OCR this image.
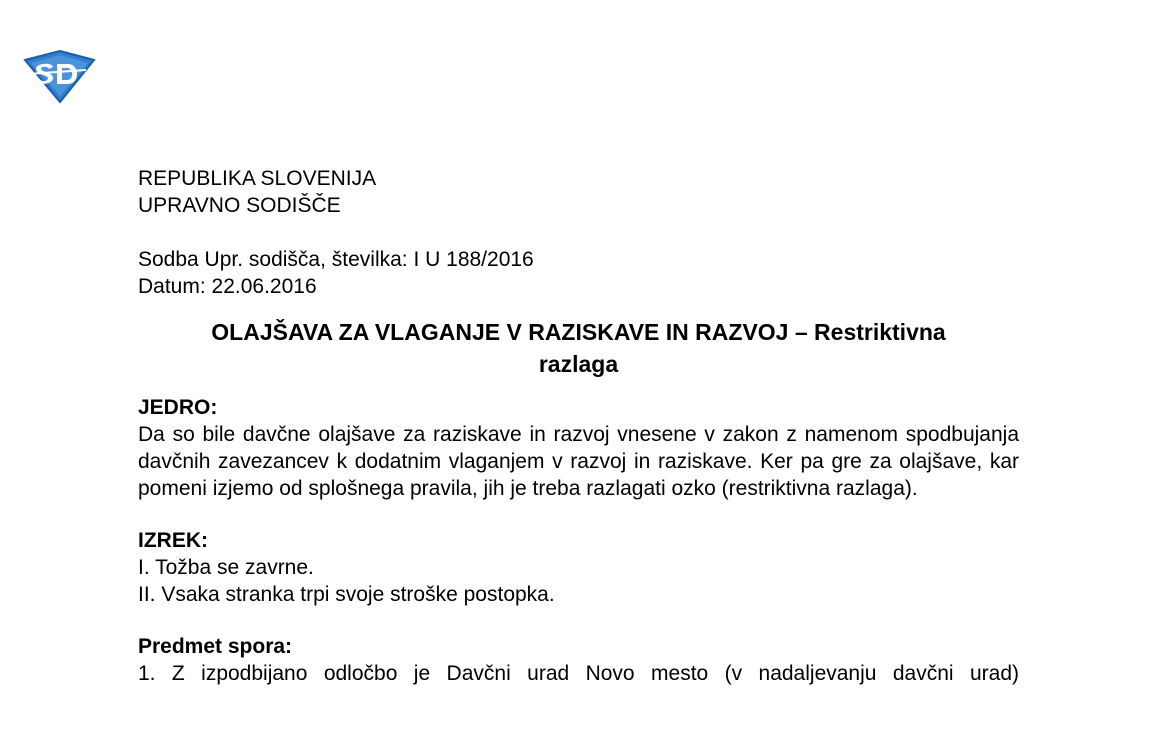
REPUBLIKA SLOVENIJA
UPRAVNO SODIŠČE
Sodba Upr. sodišča, številka: I U 188/2016
Datum: 22.06.2016
OLAJŠAVA ZA VLAGANJE V RAZISKAVE IN RAZVOJ – Restriktivna
razlaga
JEDRO:
Da so bile davčne olajšave za raziskave in razvoj vnesene v zakon z namenom spodbujanja davčnih zavezancev k dodatnim vlaganjem v razvoj in raziskave. Ker pa gre za olajšave, kar pomeni izjemo od splošnega pravila, jih je treba razlagati ozko (restriktivna razlaga).
IZREK:
I. Tožba se zavrne.
II. Vsaka stranka trpi svoje stroške postopka.
Predmet spora:
1. Z izpodbijano odločbo je Davčni urad Novo mesto (v nadaljevanju davčni urad)
